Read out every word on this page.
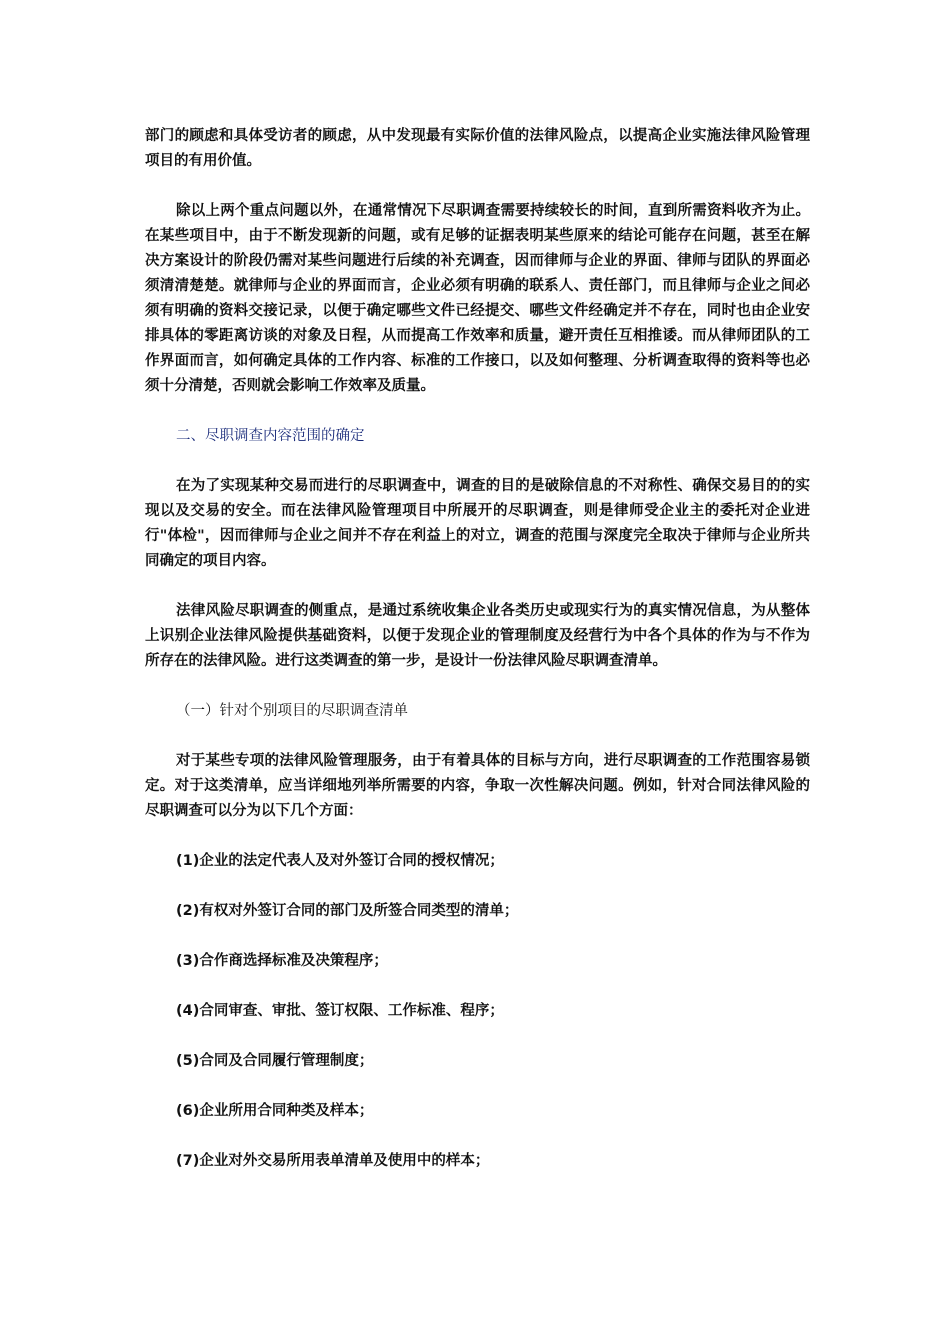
部门的顾虑和具体受访者的顾虑，从中发现最有实际价值的法律风险点，以提高企业实施法律风险管理项目的有用价值。

除以上两个重点问题以外，在通常情况下尽职调查需要持续较长的时间，直到所需资料收齐为止。在某些项目中，由于不断发现新的问题，或有足够的证据表明某些原来的结论可能存在问题，甚至在解决方案设计的阶段仍需对某些问题进行后续的补充调查，因而律师与企业的界面、律师与团队的界面必须清清楚楚。就律师与企业的界面而言，企业必须有明确的联系人、责任部门，而且律师与企业之间必须有明确的资料交接记录，以便于确定哪些文件已经提交、哪些文件经确定并不存在，同时也由企业安排具体的零距离访谈的对象及日程，从而提高工作效率和质量，避开责任互相推诿。而从律师团队的工作界面而言，如何确定具体的工作内容、标准的工作接口，以及如何整理、分析调查取得的资料等也必须十分清楚，否则就会影响工作效率及质量。

二、尽职调查内容范围的确定

在为了实现某种交易而进行的尽职调查中，调查的目的是破除信息的不对称性、确保交易目的的实现以及交易的安全。而在法律风险管理项目中所展开的尽职调查，则是律师受企业主的委托对企业进行"体检"，因而律师与企业之间并不存在利益上的对立，调查的范围与深度完全取决于律师与企业所共同确定的项目内容。

法律风险尽职调查的侧重点，是通过系统收集企业各类历史或现实行为的真实情况信息，为从整体上识别企业法律风险提供基础资料，以便于发现企业的管理制度及经营行为中各个具体的作为与不作为所存在的法律风险。进行这类调查的第一步，是设计一份法律风险尽职调查清单。

（一）针对个别项目的尽职调查清单

对于某些专项的法律风险管理服务，由于有着具体的目标与方向，进行尽职调查的工作范围容易锁定。对于这类清单，应当详细地列举所需要的内容，争取一次性解决问题。例如，针对合同法律风险的尽职调查可以分为以下几个方面：

(1)企业的法定代表人及对外签订合同的授权情况；

(2)有权对外签订合同的部门及所签合同类型的清单；

(3)合作商选择标准及决策程序；

(4)合同审查、审批、签订权限、工作标准、程序；

(5)合同及合同履行管理制度；

(6)企业所用合同种类及样本；

(7)企业对外交易所用表单清单及使用中的样本；
